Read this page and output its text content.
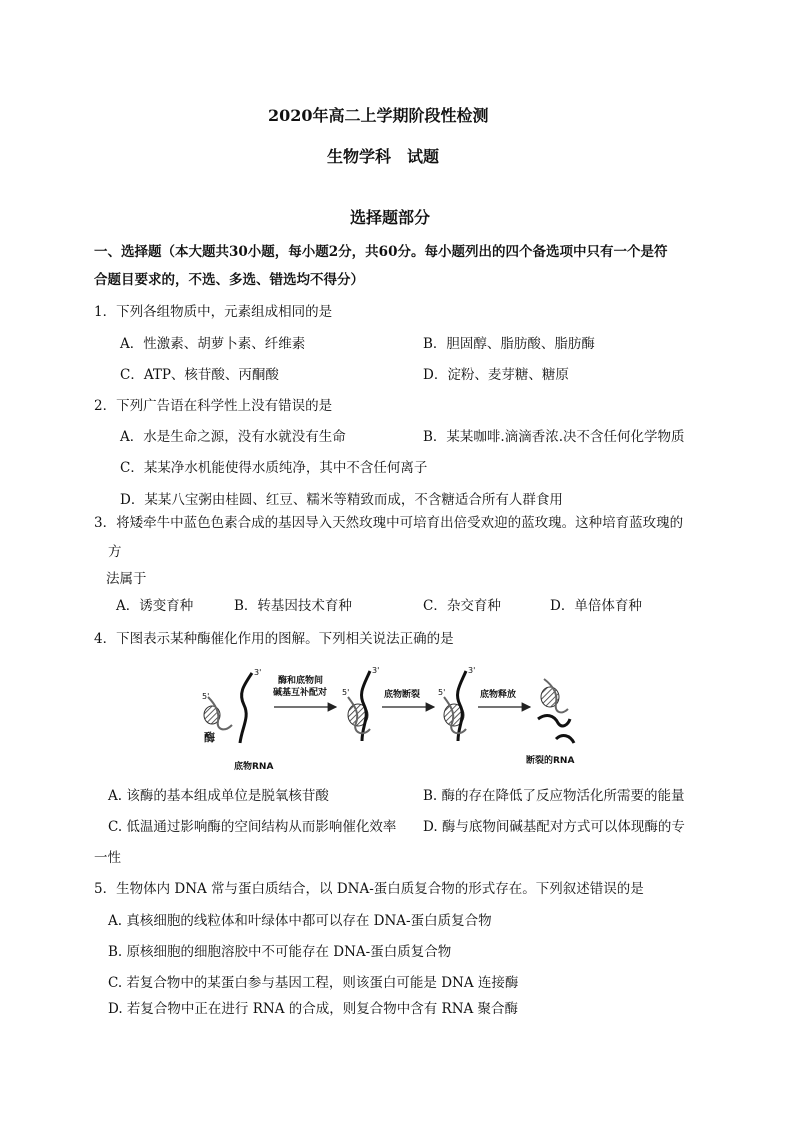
2020年高二上学期阶段性检测
生物学科　试题
选择题部分
一、选择题（本大题共30小题，每小题2分，共60分。每小题列出的四个备选项中只有一个是符
合题目要求的，不选、多选、错选均不得分）
1．下列各组物质中，元素组成相同的是
A．性激素、胡萝卜素、纤维素	B．胆固醇、脂肪酸、脂肪酶
C．ATP、核苷酸、丙酮酸	D．淀粉、麦芽糖、糖原
2．下列广告语在科学性上没有错误的是
A．水是生命之源，没有水就没有生命	B．某某咖啡.滴滴香浓.决不含任何化学物质
C．某某净水机能使得水质纯净，其中不含任何离子
D．某某八宝粥由桂圆、红豆、糯米等精致而成，不含糖适合所有人群食用
3．将矮牵牛中蓝色色素合成的基因导入天然玫瑰中可培育出倍受欢迎的蓝玫瑰。这种培育蓝玫瑰的
方
法属于
A．诱变育种	B．转基因技术育种	C．杂交育种	D．单倍体育种
4．下图表示某种酶催化作用的图解。下列相关说法正确的是
5'
3'
酶
底物RNA
酶和底物间
碱基互补配对
3'
5'	底物断裂
3'
5'	底物释放
断裂的RNA
A. 该酶的基本组成单位是脱氧核苷酸	B. 酶的存在降低了反应物活化所需要的能量
C. 低温通过影响酶的空间结构从而影响催化效率 D. 酶与底物间碱基配对方式可以体现酶的专
一性
5．生物体内 DNA 常与蛋白质结合，以 DNA-蛋白质复合物的形式存在。下列叙述错误的是
A. 真核细胞的线粒体和叶绿体中都可以存在 DNA-蛋白质复合物
B. 原核细胞的细胞溶胶中不可能存在 DNA-蛋白质复合物
C. 若复合物中的某蛋白参与基因工程，则该蛋白可能是 DNA 连接酶
D. 若复合物中正在进行 RNA 的合成，则复合物中含有 RNA 聚合酶
